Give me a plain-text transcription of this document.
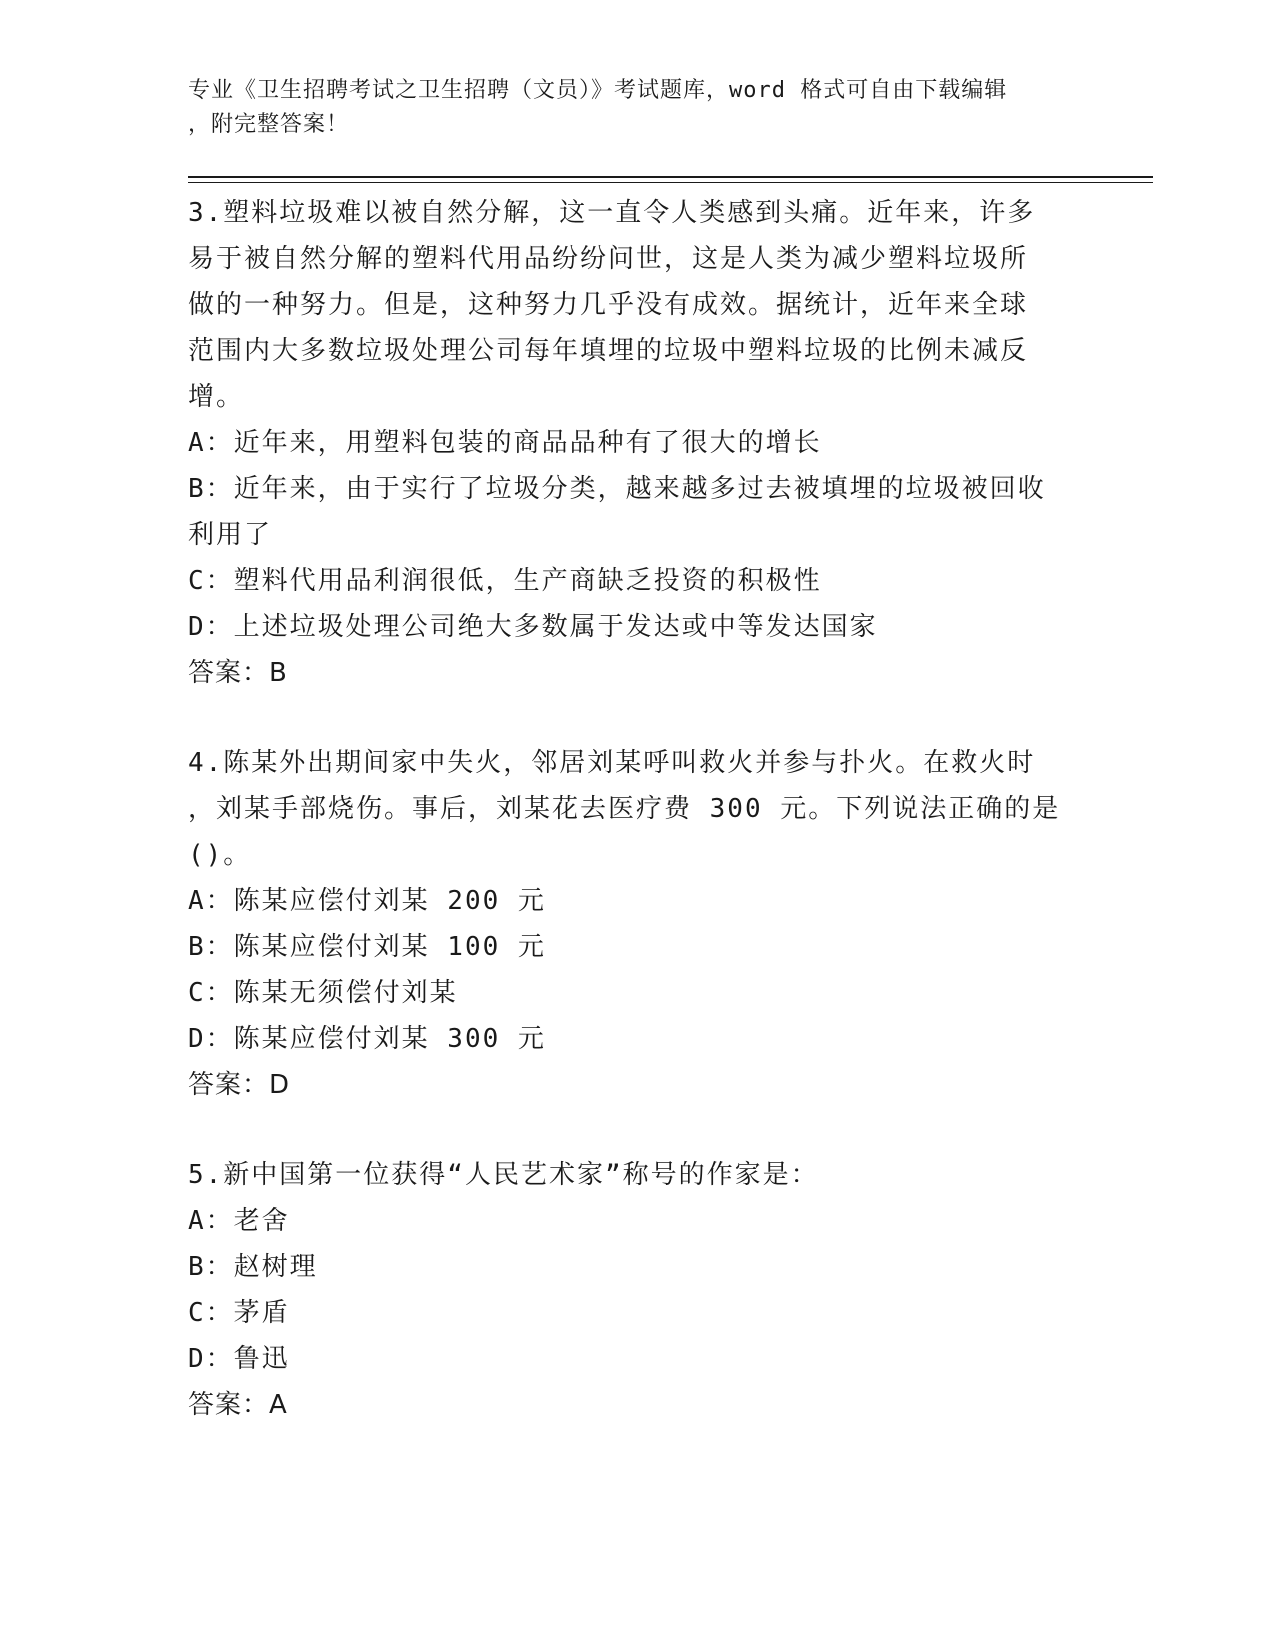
专业《卫生招聘考试之卫生招聘（文员）》考试题库，word 格式可自由下载编辑
，附完整答案！

3.塑料垃圾难以被自然分解，这一直令人类感到头痛。近年来，许多

易于被自然分解的塑料代用品纷纷问世，这是人类为减少塑料垃圾所

做的一种努力。但是，这种努力几乎没有成效。据统计，近年来全球

范围内大多数垃圾处理公司每年填埋的垃圾中塑料垃圾的比例未减反

增。

A：近年来，用塑料包装的商品品种有了很大的增长

B：近年来，由于实行了垃圾分类，越来越多过去被填埋的垃圾被回收

利用了

C：塑料代用品利润很低，生产商缺乏投资的积极性

D：上述垃圾处理公司绝大多数属于发达或中等发达国家

答案：B

4.陈某外出期间家中失火，邻居刘某呼叫救火并参与扑火。在救火时

，刘某手部烧伤。事后，刘某花去医疗费 300 元。下列说法正确的是

()。

A：陈某应偿付刘某 200 元

B：陈某应偿付刘某 100 元

C：陈某无须偿付刘某

D：陈某应偿付刘某 300 元

答案：D

5.新中国第一位获得“人民艺术家”称号的作家是：

A：老舍

B：赵树理

C：茅盾

D：鲁迅

答案：A
